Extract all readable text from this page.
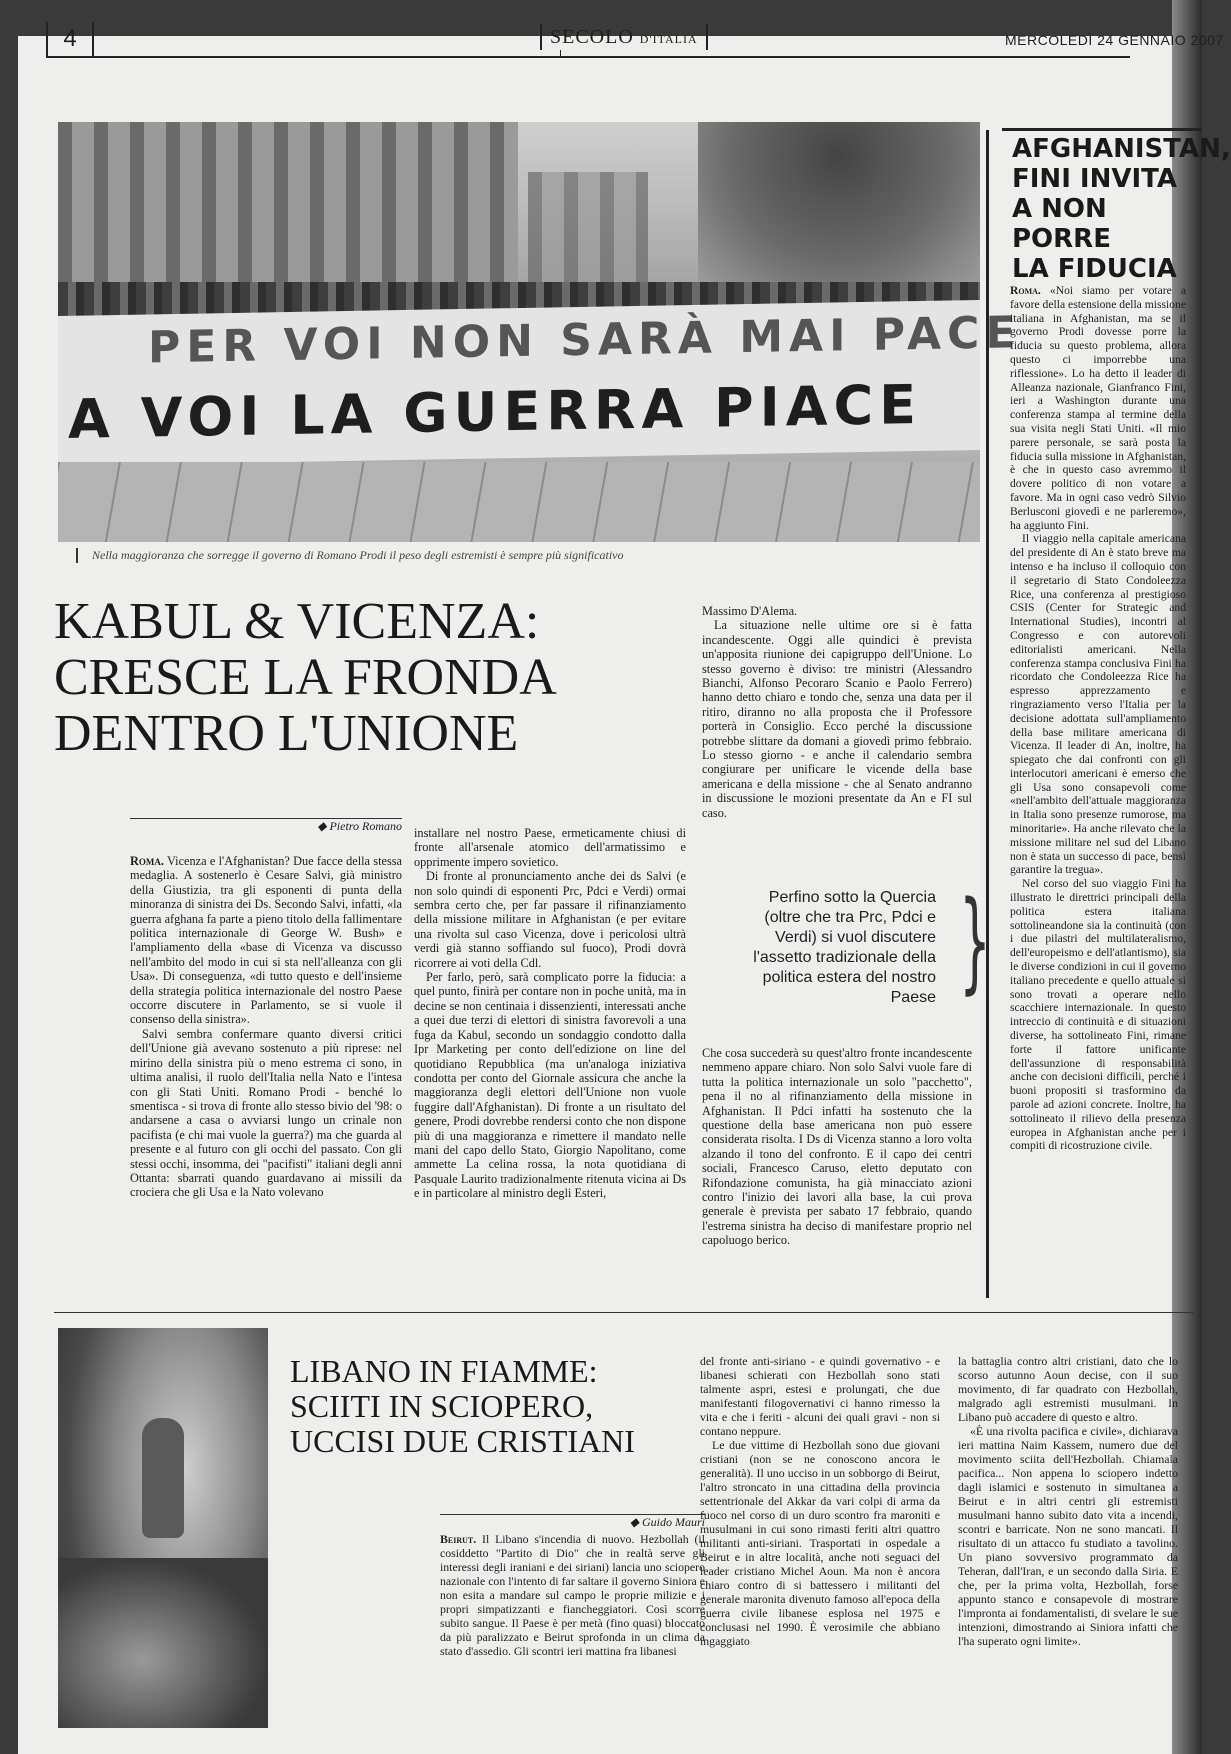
4	SECOLO D'ITALIA	MERCOLEDÌ 24 GENNAIO 2007
PER VOI NON SARÀ MAI PACE
A VOI LA GUERRA PIACE
Nella maggioranza che sorregge il governo di Romano Prodi il peso degli estremisti è sempre più significativo
KABUL & VICENZA:
CRESCE LA FRONDA
DENTRO L'UNIONE
◆ Pietro Romano

Roma. Vicenza e l'Afghanistan? Due facce della stessa medaglia. A sostenerlo è Cesare Salvi, già ministro della Giustizia, tra gli esponenti di punta della minoranza di sinistra dei Ds. Secondo Salvi, infatti, «la guerra afghana fa parte a pieno titolo della fallimentare politica internazionale di George W. Bush» e l'ampliamento della «base di Vicenza va discusso nell'ambito del modo in cui si sta nell'alleanza con gli Usa». Di conseguenza, «di tutto questo e dell'insieme della strategia politica internazionale del nostro Paese occorre discutere in Parlamento, se si vuole il consenso della sinistra».

Salvi sembra confermare quanto diversi critici dell'Unione già avevano sostenuto a più riprese: nel mirino della sinistra più o meno estrema ci sono, in ultima analisi, il ruolo dell'Italia nella Nato e l'intesa con gli Stati Uniti. Romano Prodi - benché lo smentisca - si trova di fronte allo stesso bivio del '98: o andarsene a casa o avviarsi lungo un crinale non pacifista (e chi mai vuole la guerra?) ma che guarda al presente e al futuro con gli occhi del passato. Con gli stessi occhi, insomma, dei "pacifisti" italiani degli anni Ottanta: sbarrati quando guardavano ai missili da crociera che gli Usa e la Nato volevano

installare nel nostro Paese, ermeticamente chiusi di fronte all'arsenale atomico dell'armatissimo e opprimente impero sovietico.

Di fronte al pronunciamento anche dei ds Salvi (e non solo quindi di esponenti Prc, Pdci e Verdi) ormai sembra certo che, per far passare il rifinanziamento della missione militare in Afghanistan (e per evitare una rivolta sul caso Vicenza, dove i pericolosi ultrà verdi già stanno soffiando sul fuoco), Prodi dovrà ricorrere ai voti della Cdl.

Per farlo, però, sarà complicato porre la fiducia: a quel punto, finirà per contare non in poche unità, ma in decine se non centinaia i dissenzienti, interessati anche a quei due terzi di elettori di sinistra favorevoli a una fuga da Kabul, secondo un sondaggio condotto dalla Ipr Marketing per conto dell'edizione on line del quotidiano Repubblica (ma un'analoga iniziativa condotta per conto del Giornale assicura che anche la maggioranza degli elettori dell'Unione non vuole fuggire dall'Afghanistan). Di fronte a un risultato del genere, Prodi dovrebbe rendersi conto che non dispone più di una maggioranza e rimettere il mandato nelle mani del capo dello Stato, Giorgio Napolitano, come ammette La celina rossa, la nota quotidiana di Pasquale Laurito tradizionalmente ritenuta vicina ai Ds e in particolare al ministro degli Esteri,

Massimo D'Alema.

La situazione nelle ultime ore si è fatta incandescente. Oggi alle quindici è prevista un'apposita riunione dei capigruppo dell'Unione. Lo stesso governo è diviso: tre ministri (Alessandro Bianchi, Alfonso Pecoraro Scanio e Paolo Ferrero) hanno detto chiaro e tondo che, senza una data per il ritiro, diranno no alla proposta che il Professore porterà in Consiglio. Ecco perché la discussione potrebbe slittare da domani a giovedì primo febbraio. Lo stesso giorno - e anche il calendario sembra congiurare per unificare le vicende della base americana e della missione - che al Senato andranno in discussione le mozioni presentate da An e FI sul caso.

Perfino sotto la Quercia (oltre che tra Prc, Pdci e Verdi) si vuol discutere l'assetto tradizionale della politica estera del nostro Paese }

Che cosa succederà su quest'altro fronte incandescente nemmeno appare chiaro. Non solo Salvi vuole fare di tutta la politica internazionale un solo "pacchetto", pena il no al rifinanziamento della missione in Afghanistan. Il Pdci infatti ha sostenuto che la questione della base americana non può essere considerata risolta. I Ds di Vicenza stanno a loro volta alzando il tono del confronto. E il capo dei centri sociali, Francesco Caruso, eletto deputato con Rifondazione comunista, ha già minacciato azioni contro l'inizio dei lavori alla base, la cui prova generale è prevista per sabato 17 febbraio, quando l'estrema sinistra ha deciso di manifestare proprio nel capoluogo berico.

AFGHANISTAN,
FINI INVITA
A NON PORRE
LA FIDUCIA

Roma. «Noi siamo per votare a favore della estensione della missione italiana in Afghanistan, ma se il governo Prodi dovesse porre la fiducia su questo problema, allora questo ci imporrebbe una riflessione». Lo ha detto il leader di Alleanza nazionale, Gianfranco Fini, ieri a Washington durante una conferenza stampa al termine della sua visita negli Stati Uniti. «Il mio parere personale, se sarà posta la fiducia sulla missione in Afghanistan, è che in questo caso avremmo il dovere politico di non votare a favore. Ma in ogni caso vedrò Silvio Berlusconi giovedì e ne parleremo», ha aggiunto Fini.

Il viaggio nella capitale americana del presidente di An è stato breve ma intenso e ha incluso il colloquio con il segretario di Stato Condoleezza Rice, una conferenza al prestigioso CSIS (Center for Strategic and International Studies), incontri al Congresso e con autorevoli editorialisti americani. Nella conferenza stampa conclusiva Fini ha ricordato che Condoleezza Rice ha espresso apprezzamento e ringraziamento verso l'Italia per la decisione adottata sull'ampliamento della base militare americana di Vicenza. Il leader di An, inoltre, ha spiegato che dai confronti con gli interlocutori americani è emerso che gli Usa sono consapevoli come «nell'ambito dell'attuale maggioranza in Italia sono presenze rumorose, ma minoritarie». Ha anche rilevato che la missione militare nel sud del Libano non è stata un successo di pace, bensì garantire la tregua».

Nel corso del suo viaggio Fini ha illustrato le direttrici principali della politica estera italiana sottolineandone sia la continuità (con i due pilastri del multilateralismo, dell'europeismo e dell'atlantismo), sia le diverse condizioni in cui il governo italiano precedente e quello attuale si sono trovati a operare nello scacchiere internazionale. In questo intreccio di continuità e di situazioni diverse, ha sottolineato Fini, rimane forte il fattore unificante dell'assunzione di responsabilità anche con decisioni difficili, perché i buoni propositi si trasformino da parole ad azioni concrete. Inoltre, ha sottolineato il rilievo della presenza europea in Afghanistan anche per i compiti di ricostruzione civile.

LIBANO IN FIAMME:
SCIITI IN SCIOPERO,
UCCISI DUE CRISTIANI
◆ Guido Mauri

Beirut. Il Libano s'incendia di nuovo. Hezbollah (il cosiddetto "Partito di Dio" che in realtà serve gli interessi degli iraniani e dei siriani) lancia uno sciopero nazionale con l'intento di far saltare il governo Siniora e non esita a mandare sul campo le proprie milizie e i propri simpatizzanti e fiancheggiatori. Così scorre subito sangue. Il Paese è per metà (fino quasi) bloccato da più paralizzato e Beirut sprofonda in un clima da stato d'assedio. Gli scontri ieri mattina fra libanesi

del fronte anti-siriano - e quindi governativo - e libanesi schierati con Hezbollah sono stati talmente aspri, estesi e prolungati, che due manifestanti filogovernativi ci hanno rimesso la vita e che i feriti - alcuni dei quali gravi - non si contano neppure.

Le due vittime di Hezbollah sono due giovani cristiani (non se ne conoscono ancora le generalità). Il uno ucciso in un sobborgo di Beirut, l'altro stroncato in una cittadina della provincia settentrionale del Akkar da vari colpi di arma da fuoco nel corso di un duro scontro fra maroniti e musulmani in cui sono rimasti feriti altri quattro militanti anti-siriani. Trasportati in ospedale a Beirut e in altre località, anche noti seguaci del leader cristiano Michel Aoun. Ma non è ancora chiaro contro di si battessero i militanti del generale maronita divenuto famoso all'epoca della guerra civile libanese esplosa nel 1975 e conclusasi nel 1990. È verosimile che abbiano ingaggiato

la battaglia contro altri cristiani, dato che lo scorso autunno Aoun decise, con il suo movimento, di far quadrato con Hezbollah, malgrado agli estremisti musulmani. In Libano può accadere di questo e altro.

«È una rivolta pacifica e civile», dichiarava ieri mattina Naim Kassem, numero due del movimento sciita dell'Hezbollah. Chiamala pacifica... Non appena lo sciopero indetto dagli islamici e sostenuto in simultanea a Beirut e in altri centri gli estremisti musulmani hanno subito dato vita a incendi, scontri e barricate. Non ne sono mancati. Il risultato di un attacco fu studiato a tavolino. Un piano sovversivo programmato da Teheran, dall'Iran, e un secondo dalla Siria. E che, per la prima volta, Hezbollah, forse appunto stanco e consapevole di mostrare l'impronta ai fondamentalisti, di svelare le sue intenzioni, dimostrando ai Siniora infatti che l'ha superato ogni limite».
